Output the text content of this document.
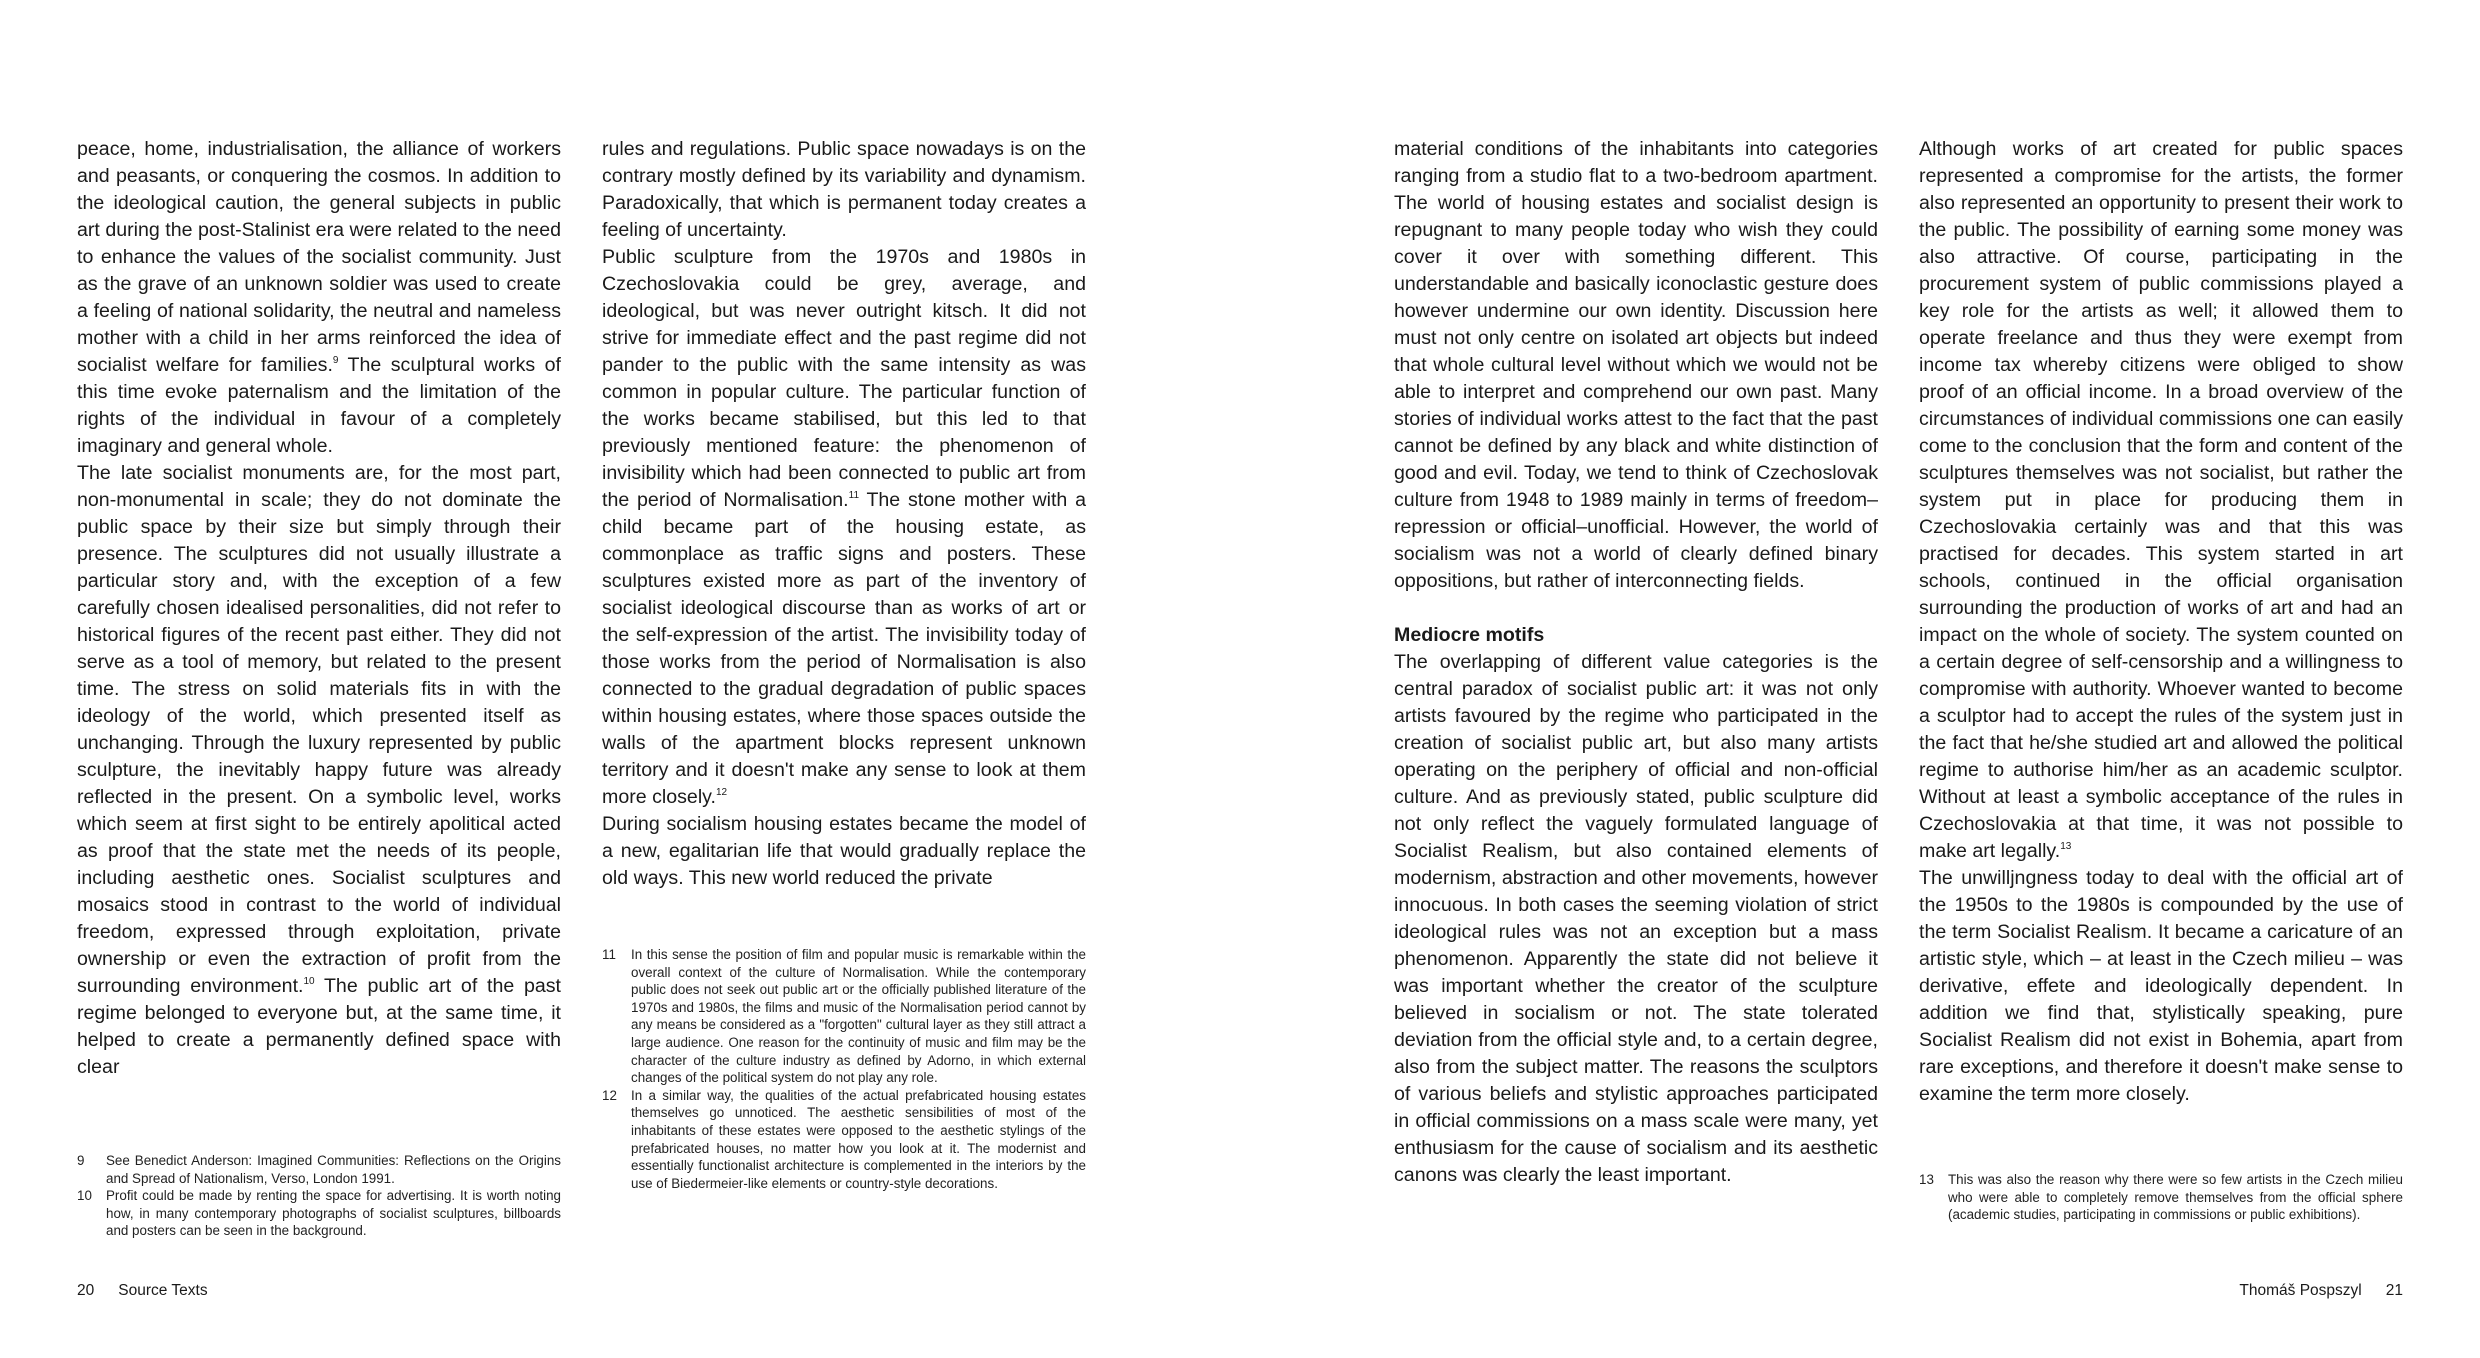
peace, home, industrialisation, the alliance of workers and peasants, or conquering the cosmos. In addition to the ideological caution, the general subjects in public art during the post-Stalinist era were related to the need to enhance the values of the socialist community. Just as the grave of an unknown soldier was used to create a feeling of national solidarity, the neutral and nameless mother with a child in her arms reinforced the idea of socialist welfare for families.$^9$ The sculptural works of this time evoke paternalism and the limitation of the rights of the individual in favour of a completely imaginary and general whole.

The late socialist monuments are, for the most part, non-monumental in scale; they do not dominate the public space by their size but simply through their presence. The sculptures did not usually illustrate a particular story and, with the exception of a few carefully chosen idealised personalities, did not refer to historical figures of the recent past either. They did not serve as a tool of memory, but related to the present time. The stress on solid materials fits in with the ideology of the world, which presented itself as unchanging. Through the luxury represented by public sculpture, the inevitably happy future was already reflected in the present. On a symbolic level, works which seem at first sight to be entirely apolitical acted as proof that the state met the needs of its people, including aesthetic ones. Socialist sculptures and mosaics stood in contrast to the world of individual freedom, expressed through exploitation, private ownership or even the extraction of profit from the surrounding environment.$^{10}$ The public art of the past regime belonged to everyone but, at the same time, it helped to create a permanently defined space with clear

rules and regulations. Public space nowadays is on the contrary mostly defined by its variability and dynamism. Paradoxically, that which is permanent today creates a feeling of uncertainty.

Public sculpture from the 1970s and 1980s in Czechoslovakia could be grey, average, and ideological, but was never outright kitsch. It did not strive for immediate effect and the past regime did not pander to the public with the same intensity as was common in popular culture. The particular function of the works became stabilised, but this led to that previously mentioned feature: the phenomenon of invisibility which had been connected to public art from the period of Normalisation.$^{11}$ The stone mother with a child became part of the housing estate, as commonplace as traffic signs and posters. These sculptures existed more as part of the inventory of socialist ideological discourse than as works of art or the self-expression of the artist. The invisibility today of those works from the period of Normalisation is also connected to the gradual degradation of public spaces within housing estates, where those spaces outside the walls of the apartment blocks represent unknown territory and it doesn't make any sense to look at them more closely.$^{12}$

During socialism housing estates became the model of a new, egalitarian life that would gradually replace the old ways. This new world reduced the private

9	See Benedict Anderson: Imagined Communities: Reflections on the Origins and Spread of Nationalism, Verso, London 1991.
10	Profit could be made by renting the space for advertising. It is worth noting how, in many contemporary photographs of socialist sculptures, billboards and posters can be seen in the background.
11	In this sense the position of film and popular music is remarkable within the overall context of the culture of Normalisation. While the contemporary public does not seek out public art or the officially published literature of the 1970s and 1980s, the films and music of the Normalisation period cannot by any means be considered as a "forgotten" cultural layer as they still attract a large audience. One reason for the continuity of music and film may be the character of the culture industry as defined by Adorno, in which external changes of the political system do not play any role.
12	In a similar way, the qualities of the actual prefabricated housing estates themselves go unnoticed. The aesthetic sensibilities of most of the inhabitants of these estates were opposed to the aesthetic stylings of the prefabricated houses, no matter how you look at it. The modernist and essentially functionalist architecture is complemented in the interiors by the use of Biedermeier-like elements or country-style decorations.
20 Source Texts

material conditions of the inhabitants into categories ranging from a studio flat to a two-bedroom apartment. The world of housing estates and socialist design is repugnant to many people today who wish they could cover it over with something different. This understandable and basically iconoclastic gesture does however undermine our own identity. Discussion here must not only centre on isolated art objects but indeed that whole cultural level without which we would not be able to interpret and comprehend our own past. Many stories of individual works attest to the fact that the past cannot be defined by any black and white distinction of good and evil. Today, we tend to think of Czechoslovak culture from 1948 to 1989 mainly in terms of freedom–repression or official–unofficial. However, the world of socialism was not a world of clearly defined binary oppositions, but rather of interconnecting fields.

Mediocre motifs

The overlapping of different value categories is the central paradox of socialist public art: it was not only artists favoured by the regime who participated in the creation of socialist public art, but also many artists operating on the periphery of official and non-official culture. And as previously stated, public sculpture did not only reflect the vaguely formulated language of Socialist Realism, but also contained elements of modernism, abstraction and other movements, however innocuous. In both cases the seeming violation of strict ideological rules was not an exception but a mass phenomenon. Apparently the state did not believe it was important whether the creator of the sculpture believed in socialism or not. The state tolerated deviation from the official style and, to a certain degree, also from the subject matter. The reasons the sculptors of various beliefs and stylistic approaches participated in official commissions on a mass scale were many, yet enthusiasm for the cause of socialism and its aesthetic canons was clearly the least important.

Although works of art created for public spaces represented a compromise for the artists, the former also represented an opportunity to present their work to the public. The possibility of earning some money was also attractive. Of course, participating in the procurement system of public commissions played a key role for the artists as well; it allowed them to operate freelance and thus they were exempt from income tax whereby citizens were obliged to show proof of an official income. In a broad overview of the circumstances of individual commissions one can easily come to the conclusion that the form and content of the sculptures themselves was not socialist, but rather the system put in place for producing them in Czechoslovakia certainly was and that this was practised for decades. This system started in art schools, continued in the official organisation surrounding the production of works of art and had an impact on the whole of society. The system counted on a certain degree of self-censorship and a willingness to compromise with authority. Whoever wanted to become a sculptor had to accept the rules of the system just in the fact that he/she studied art and allowed the political regime to authorise him/her as an academic sculptor. Without at least a symbolic acceptance of the rules in Czechoslovakia at that time, it was not possible to make art legally.$^{13}$

The unwilljngness today to deal with the official art of the 1950s to the 1980s is compounded by the use of the term Socialist Realism. It became a caricature of an artistic style, which – at least in the Czech milieu – was derivative, effete and ideologically dependent. In addition we find that, stylistically speaking, pure Socialist Realism did not exist in Bohemia, apart from rare exceptions, and therefore it doesn't make sense to examine the term more closely.

13	This was also the reason why there were so few artists in the Czech milieu who were able to completely remove themselves from the official sphere (academic studies, participating in commissions or public exhibitions).
Thomáš Pospszyl 21
